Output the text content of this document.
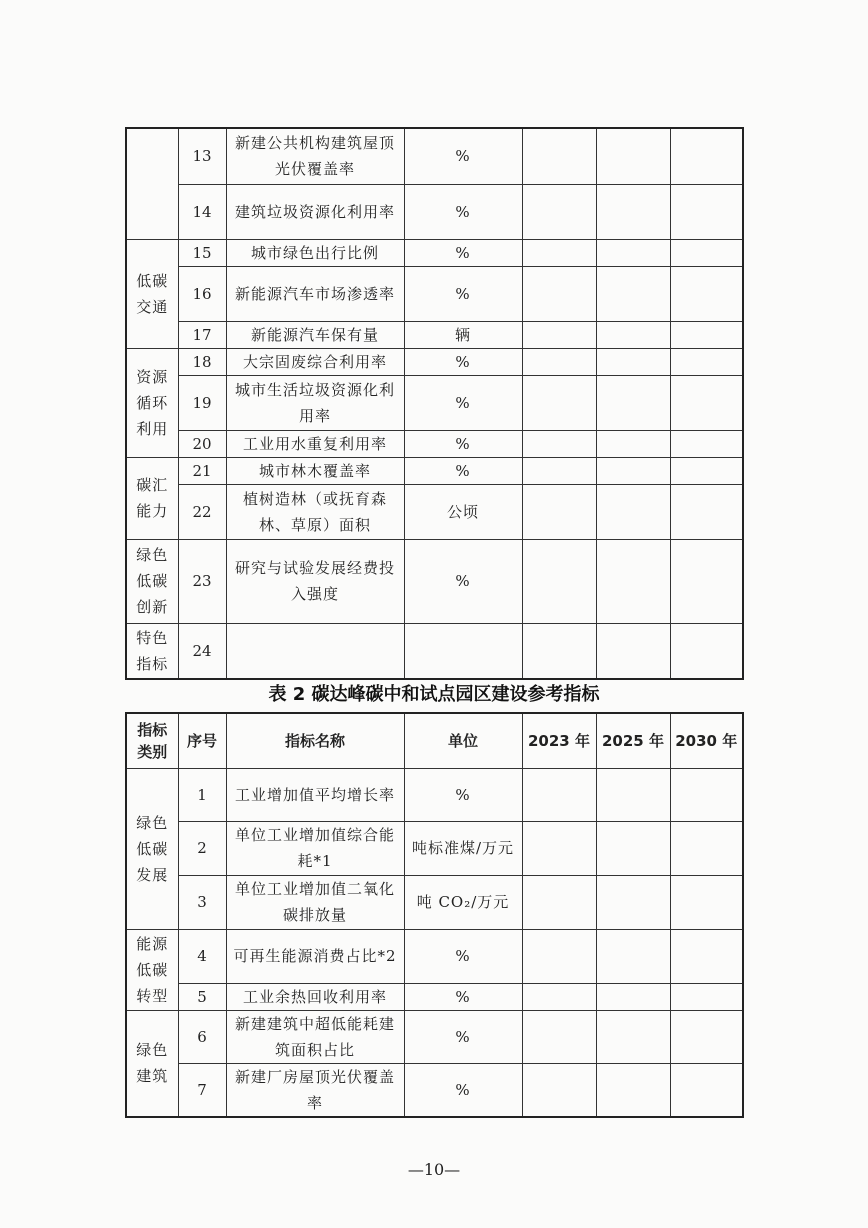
	13	新建公共机构建筑屋顶光伏覆盖率	%			
	14	建筑垃圾资源化利用率	%			
低碳交通	15	城市绿色出行比例	%			
	16	新能源汽车市场渗透率	%			
	17	新能源汽车保有量	辆			
资源循环利用	18	大宗固废综合利用率	%			
	19	城市生活垃圾资源化利用率	%			
	20	工业用水重复利用率	%			
碳汇能力	21	城市林木覆盖率	%			
	22	植树造林（或抚育森林、草原）面积	公顷			
绿色低碳创新	23	研究与试验发展经费投入强度	%			
特色指标	24					
表 2 碳达峰碳中和试点园区建设参考指标
指标类别	序号	指标名称	单位	2023 年	2025 年	2030 年
绿色低碳发展	1	工业增加值平均增长率	%			
	2	单位工业增加值综合能耗*1	吨标准煤/万元			
	3	单位工业增加值二氧化碳排放量	吨 CO₂/万元			
能源低碳转型	4	可再生能源消费占比*2	%			
	5	工业余热回收利用率	%			
绿色建筑	6	新建建筑中超低能耗建筑面积占比	%			
	7	新建厂房屋顶光伏覆盖率	%			
—10—
